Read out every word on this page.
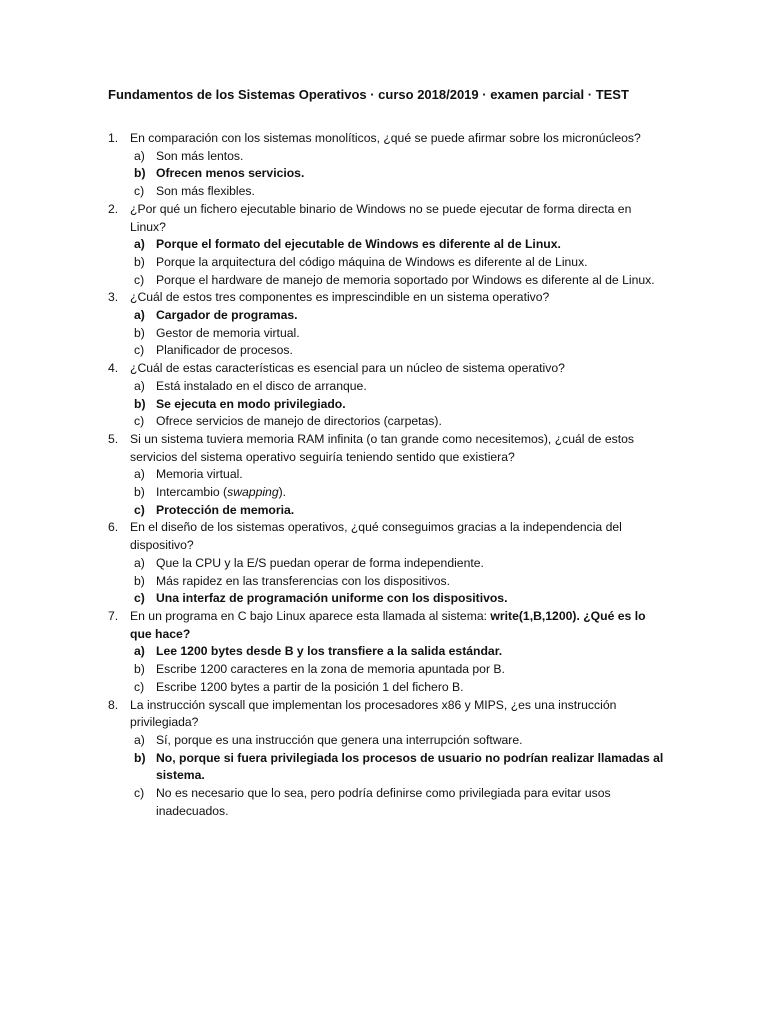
Fundamentos de los Sistemas Operativos · curso 2018/2019 · examen parcial · TEST
1. En comparación con los sistemas monolíticos, ¿qué se puede afirmar sobre los micronúcleos?
a) Son más lentos.
b) Ofrecen menos servicios.
c) Son más flexibles.
2. ¿Por qué un fichero ejecutable binario de Windows no se puede ejecutar de forma directa en Linux?
a) Porque el formato del ejecutable de Windows es diferente al de Linux.
b) Porque la arquitectura del código máquina de Windows es diferente al de Linux.
c) Porque el hardware de manejo de memoria soportado por Windows es diferente al de Linux.
3. ¿Cuál de estos tres componentes es imprescindible en un sistema operativo?
a) Cargador de programas.
b) Gestor de memoria virtual.
c) Planificador de procesos.
4. ¿Cuál de estas características es esencial para un núcleo de sistema operativo?
a) Está instalado en el disco de arranque.
b) Se ejecuta en modo privilegiado.
c) Ofrece servicios de manejo de directorios (carpetas).
5. Si un sistema tuviera memoria RAM infinita (o tan grande como necesitemos), ¿cuál de estos servicios del sistema operativo seguiría teniendo sentido que existiera?
a) Memoria virtual.
b) Intercambio (swapping).
c) Protección de memoria.
6. En el diseño de los sistemas operativos, ¿qué conseguimos gracias a la independencia del dispositivo?
a) Que la CPU y la E/S puedan operar de forma independiente.
b) Más rapidez en las transferencias con los dispositivos.
c) Una interfaz de programación uniforme con los dispositivos.
7. En un programa en C bajo Linux aparece esta llamada al sistema: write(1,B,1200). ¿Qué es lo que hace?
a) Lee 1200 bytes desde B y los transfiere a la salida estándar.
b) Escribe 1200 caracteres en la zona de memoria apuntada por B.
c) Escribe 1200 bytes a partir de la posición 1 del fichero B.
8. La instrucción syscall que implementan los procesadores x86 y MIPS, ¿es una instrucción privilegiada?
a) Sí, porque es una instrucción que genera una interrupción software.
b) No, porque si fuera privilegiada los procesos de usuario no podrían realizar llamadas al sistema.
c) No es necesario que lo sea, pero podría definirse como privilegiada para evitar usos inadecuados.
